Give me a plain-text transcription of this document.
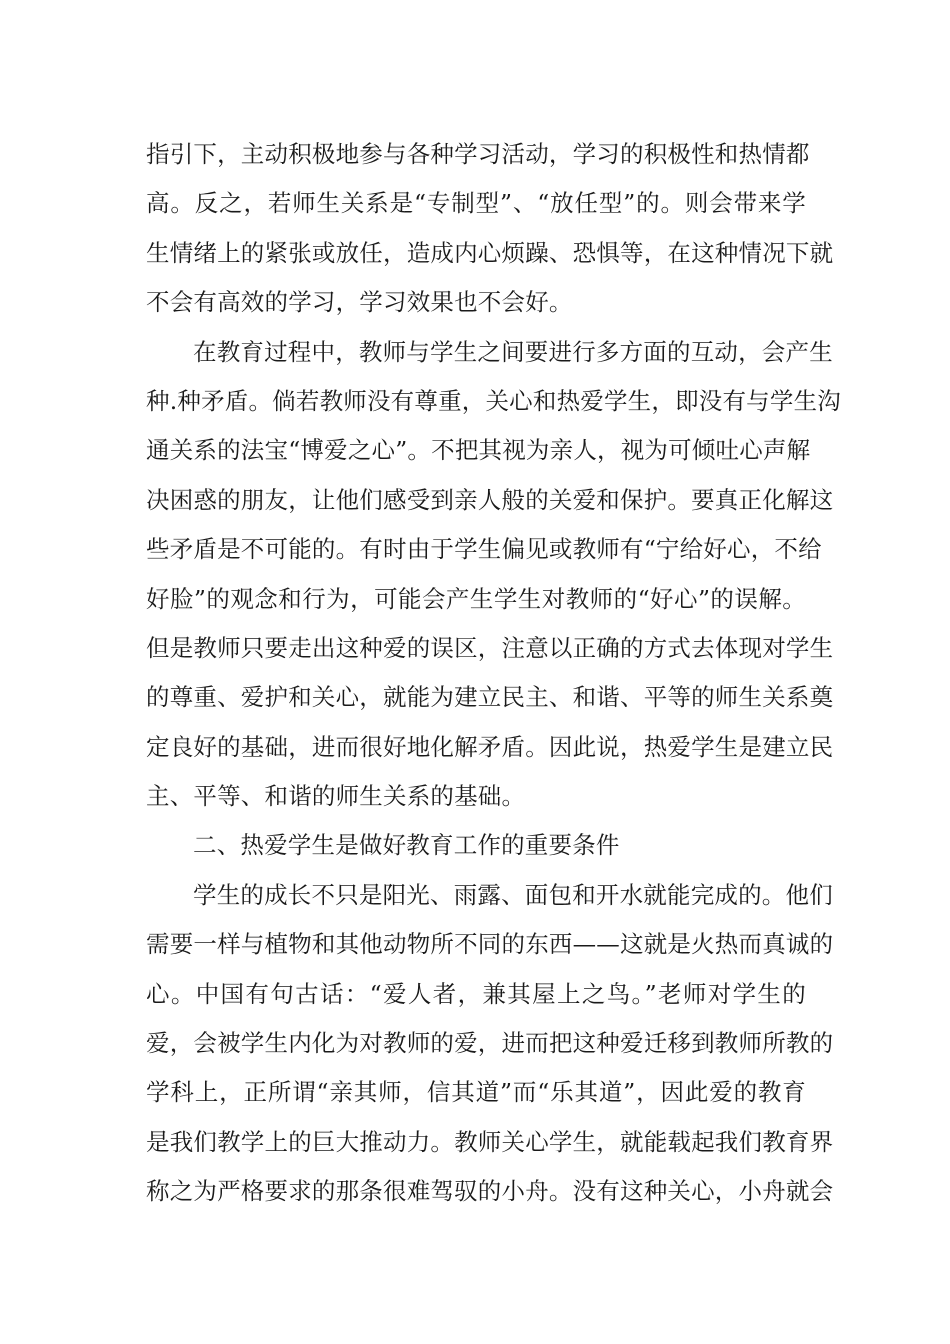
指引下，主动积极地参与各种学习活动，学习的积极性和热情都
高。反之，若师生关系是“专制型”、“放任型”的。则会带来学
生情绪上的紧张或放任，造成内心烦躁、恐惧等，在这种情况下就
不会有高效的学习，学习效果也不会好。
在教育过程中，教师与学生之间要进行多方面的互动，会产生
种.种矛盾。倘若教师没有尊重，关心和热爱学生，即没有与学生沟
通关系的法宝“博爱之心”。不把其视为亲人，视为可倾吐心声解
决困惑的朋友，让他们感受到亲人般的关爱和保护。要真正化解这
些矛盾是不可能的。有时由于学生偏见或教师有“宁给好心，不给
好脸”的观念和行为，可能会产生学生对教师的“好心”的误解。
但是教师只要走出这种爱的误区，注意以正确的方式去体现对学生
的尊重、爱护和关心，就能为建立民主、和谐、平等的师生关系奠
定良好的基础，进而很好地化解矛盾。因此说，热爱学生是建立民
主、平等、和谐的师生关系的基础。
二、热爱学生是做好教育工作的重要条件
学生的成长不只是阳光、雨露、面包和开水就能完成的。他们
需要一样与植物和其他动物所不同的东西——这就是火热而真诚的
心。中国有句古话：“爱人者，兼其屋上之鸟。”老师对学生的
爱，会被学生内化为对教师的爱，进而把这种爱迁移到教师所教的
学科上，正所谓“亲其师，信其道”而“乐其道”，因此爱的教育
是我们教学上的巨大推动力。教师关心学生，就能载起我们教育界
称之为严格要求的那条很难驾驭的小舟。没有这种关心，小舟就会
